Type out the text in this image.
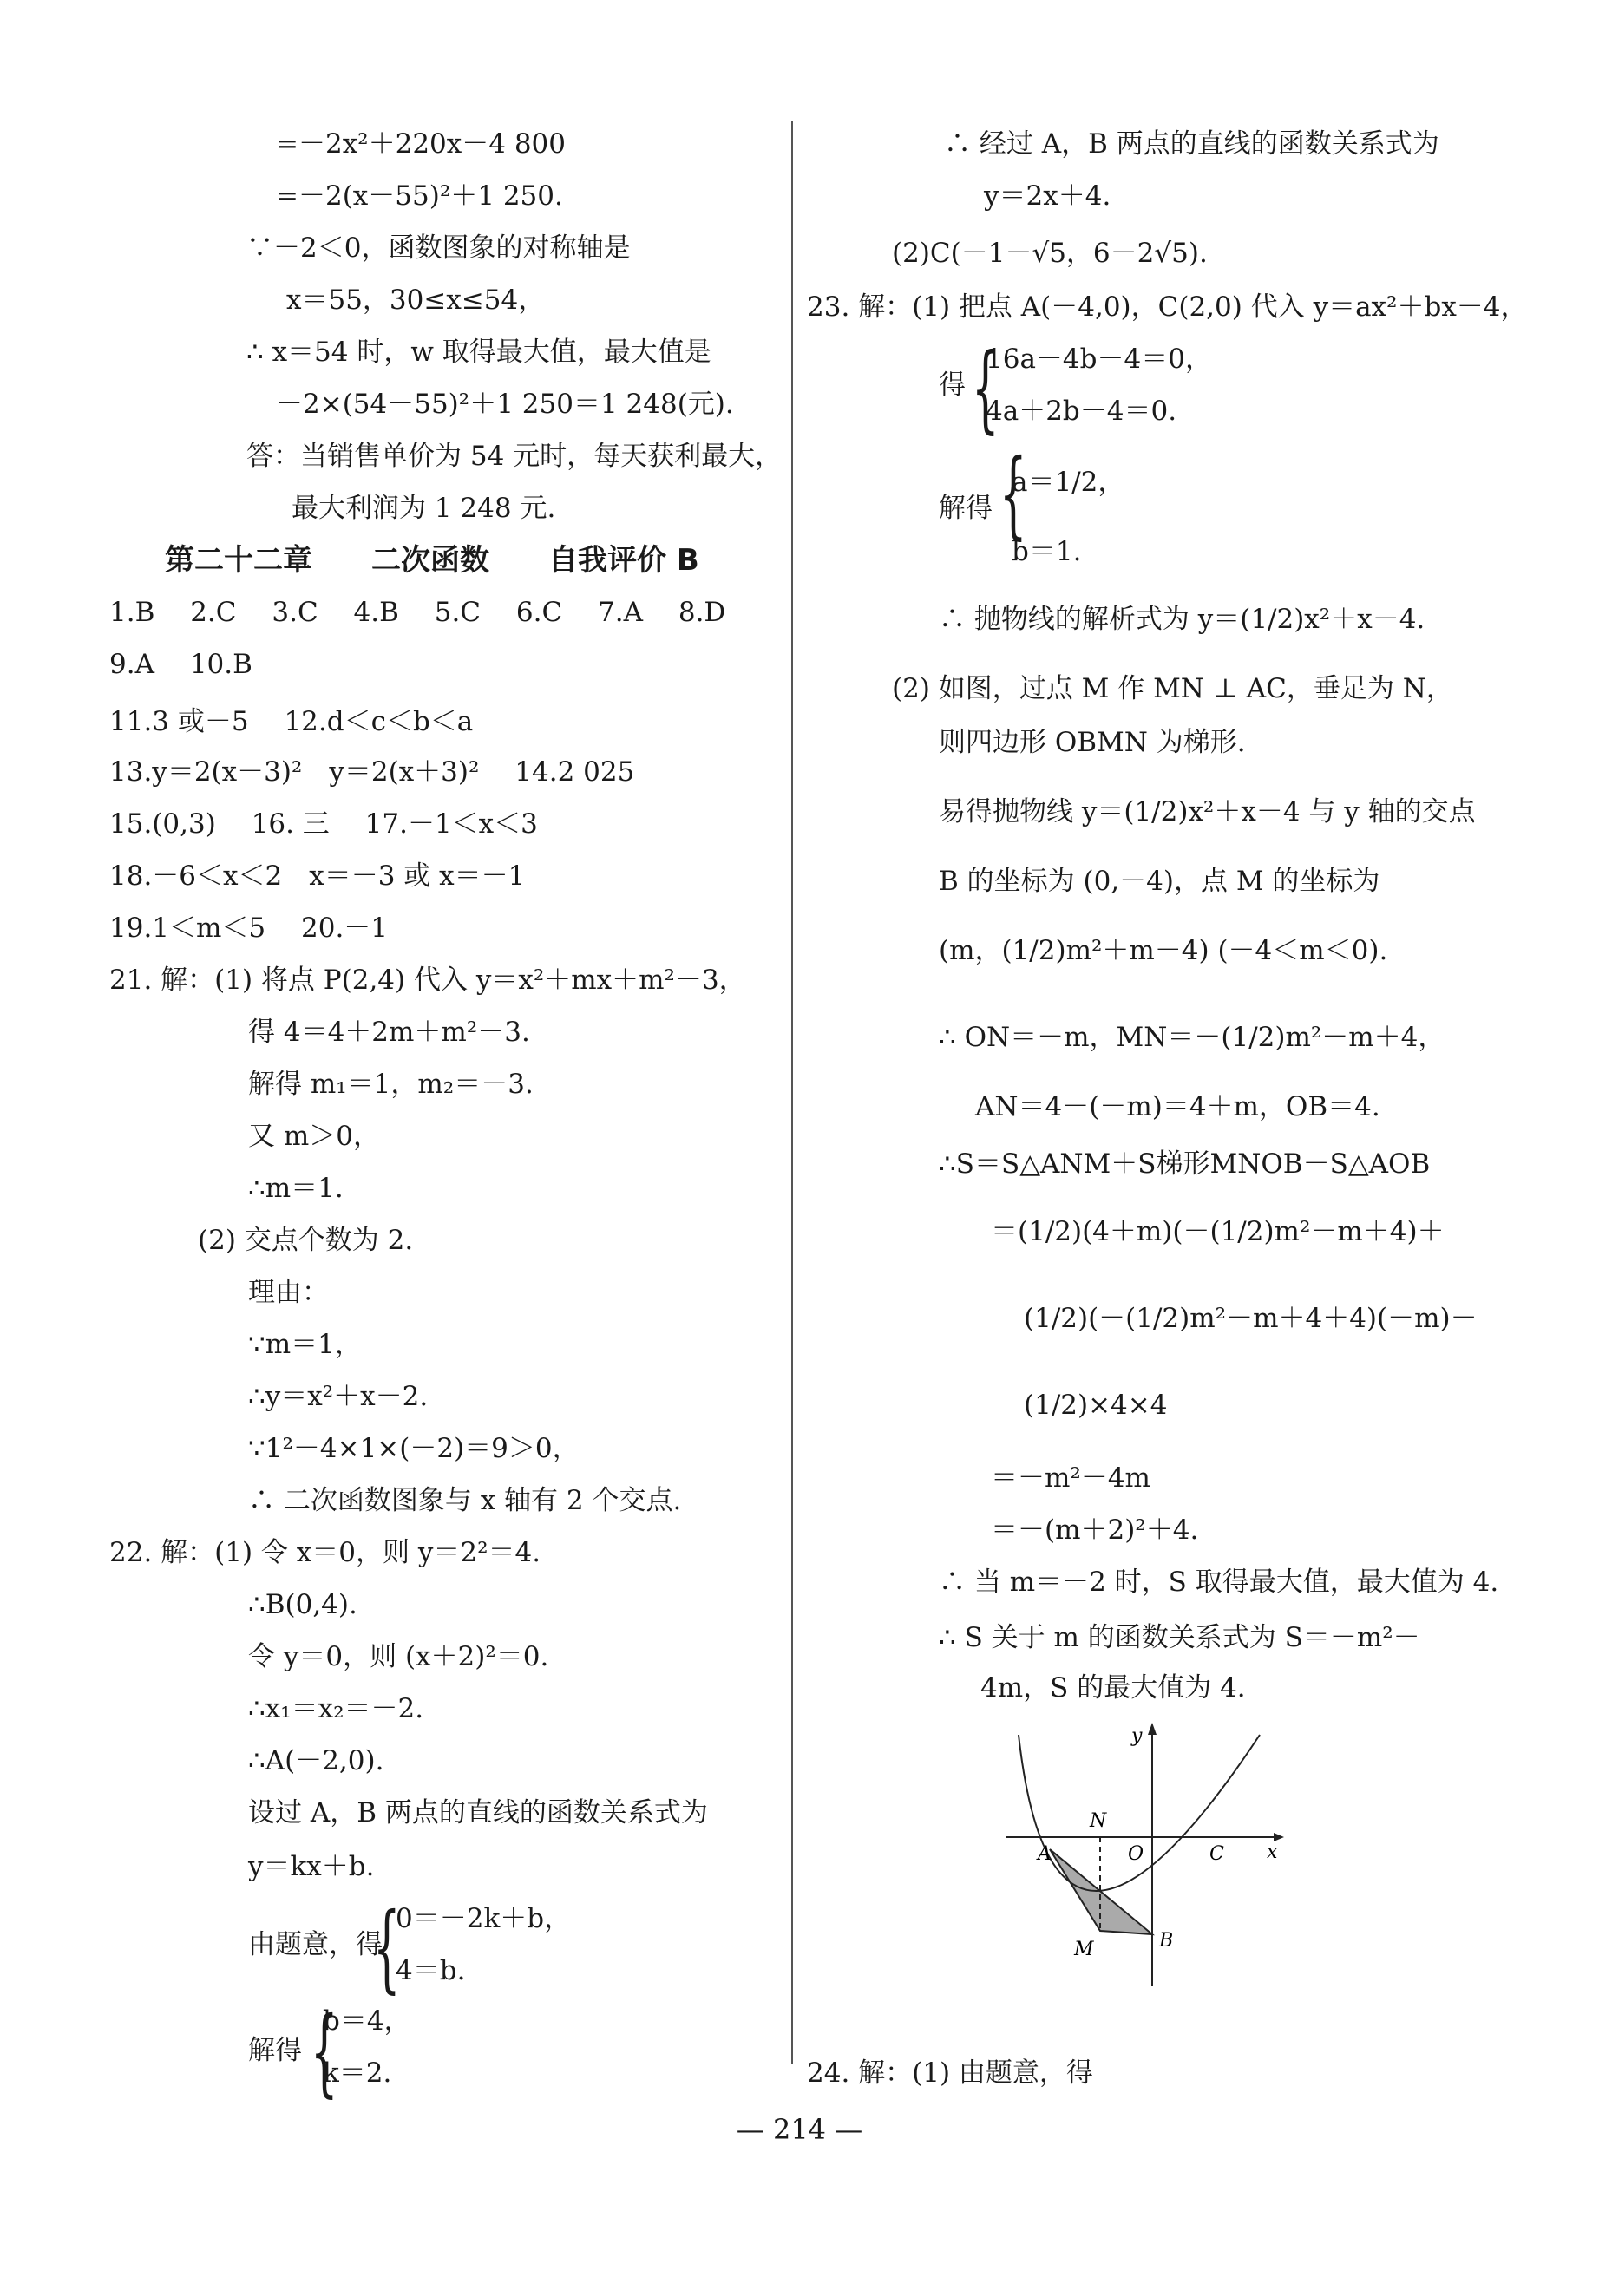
=－2x²＋220x－4 800
=－2(x－55)²＋1 250.
∵－2＜0，函数图象的对称轴是
x＝55，30≤x≤54，
∴ x＝54 时，w 取得最大值，最大值是
－2×(54－55)²＋1 250＝1 248(元).
答：当销售单价为 54 元时，每天获利最大，
最大利润为 1 248 元.
第二十二章　　二次函数　　自我评价 B
1.B　 2.C　 3.C　 4.B　 5.C　 6.C　 7.A　 8.D
9.A　 10.B
11.3 或－5　 12.d＜c＜b＜a
13.y＝2(x－3)²　y＝2(x＋3)²　 14.2 025
15.(0,3)　 16. 三　 17.－1＜x＜3
18.－6＜x＜2　x＝－3 或 x＝－1
19.1＜m＜5　 20.－1
21. 解：(1) 将点 P(2,4) 代入 y＝x²＋mx＋m²－3，
得 4＝4＋2m＋m²－3.
解得 m₁＝1，m₂＝－3.
又 m＞0，
∴m＝1.
(2) 交点个数为 2.
理由：
∵m＝1，
∴y＝x²＋x－2.
∵1²－4×1×(－2)＝9＞0，
∴ 二次函数图象与 x 轴有 2 个交点.
22. 解：(1) 令 x＝0，则 y＝2²＝4.
∴B(0,4).
令 y＝0，则 (x＋2)²＝0.
∴x₁＝x₂＝－2.
∴A(－2,0).
设过 A，B 两点的直线的函数关系式为
y＝kx＋b.
由题意，得
{
0＝－2k＋b，
4＝b.
解得 {
b＝4，
k＝2.
∴ 经过 A，B 两点的直线的函数关系式为
y＝2x＋4.
(2)C(－1－√5，6－2√5).
23. 解：(1) 把点 A(－4,0)，C(2,0) 代入 y＝ax²＋bx－4，
得 {
16a－4b－4＝0，
4a＋2b－4＝0.
解得 {
a＝1/2，
b＝1.
∴ 抛物线的解析式为 y＝(1/2)x²＋x－4.
(2) 如图，过点 M 作 MN ⊥ AC，垂足为 N，
则四边形 OBMN 为梯形.
易得抛物线 y＝(1/2)x²＋x－4 与 y 轴的交点
B 的坐标为 (0,－4)，点 M 的坐标为
(m，(1/2)m²＋m－4) (－4＜m＜0).
∴ ON＝－m，MN＝－(1/2)m²－m＋4，
AN＝4－(－m)＝4＋m，OB＝4.
∴S＝S△ANM＋S梯形MNOB－S△AOB
＝(1/2)(4＋m)(－(1/2)m²－m＋4)＋
(1/2)(－(1/2)m²－m＋4＋4)(－m)－
(1/2)×4×4
＝－m²－4m
＝－(m＋2)²＋4.
∴ 当 m＝－2 时，S 取得最大值，最大值为 4.
∴ S 关于 m 的函数关系式为 S＝－m²－
4m，S 的最大值为 4.
y
x
N
O
A	C
M	B
24. 解：(1) 由题意，得
— 214 —
